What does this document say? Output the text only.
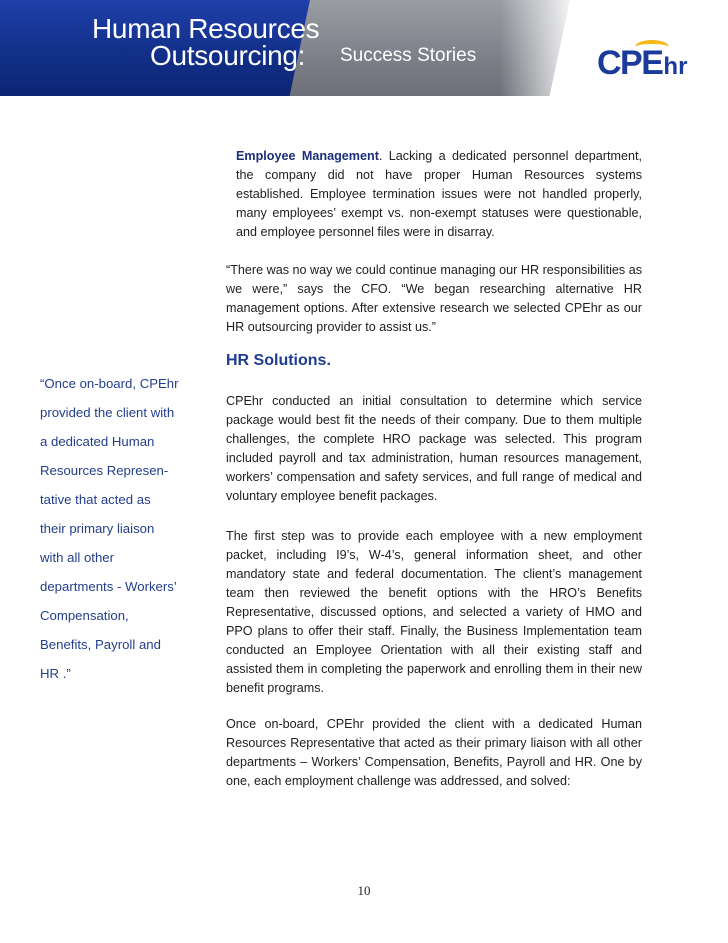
Human Resources
Outsourcing: Success Stories	CPE hr

Employee Management. Lacking a dedicated personnel department, the company did not have proper Human Resources systems established. Employee termination issues were not handled properly, many employees’ exempt vs. non-exempt statuses were questionable, and employee personnel files were in disarray.

“There was no way we could continue managing our HR responsibilities as we were,” says the CFO. “We began researching alternative HR management options. After extensive research we selected CPEhr as our HR outsourcing provider to assist us.”

HR Solutions.
“Once on-board, CPEhr
provided the client with
a dedicated Human
Resources Represen-
tative that acted as
their primary liaison
with all other
departments - Workers’
Compensation,
Benefits, Payroll and
HR .”

CPEhr conducted an initial consultation to determine which service package would best fit the needs of their company. Due to them multiple challenges, the complete HRO package was selected. This program included payroll and tax administration, human resources management, workers’ compensation and safety services, and full range of medical and voluntary employee benefit packages.

The first step was to provide each employee with a new employment packet, including I9’s, W-4’s, general information sheet, and other mandatory state and federal documentation. The client’s management team then reviewed the benefit options with the HRO’s Benefits Representative, discussed options, and selected a variety of HMO and PPO plans to offer their staff. Finally, the Business Implementation team conducted an Employee Orientation with all their existing staff and assisted them in completing the paperwork and enrolling them in their new benefit programs.

Once on-board, CPEhr provided the client with a dedicated Human Resources Representative that acted as their primary liaison with all other departments – Workers’ Compensation, Benefits, Payroll and HR. One by one, each employment challenge was addressed, and solved:

10
